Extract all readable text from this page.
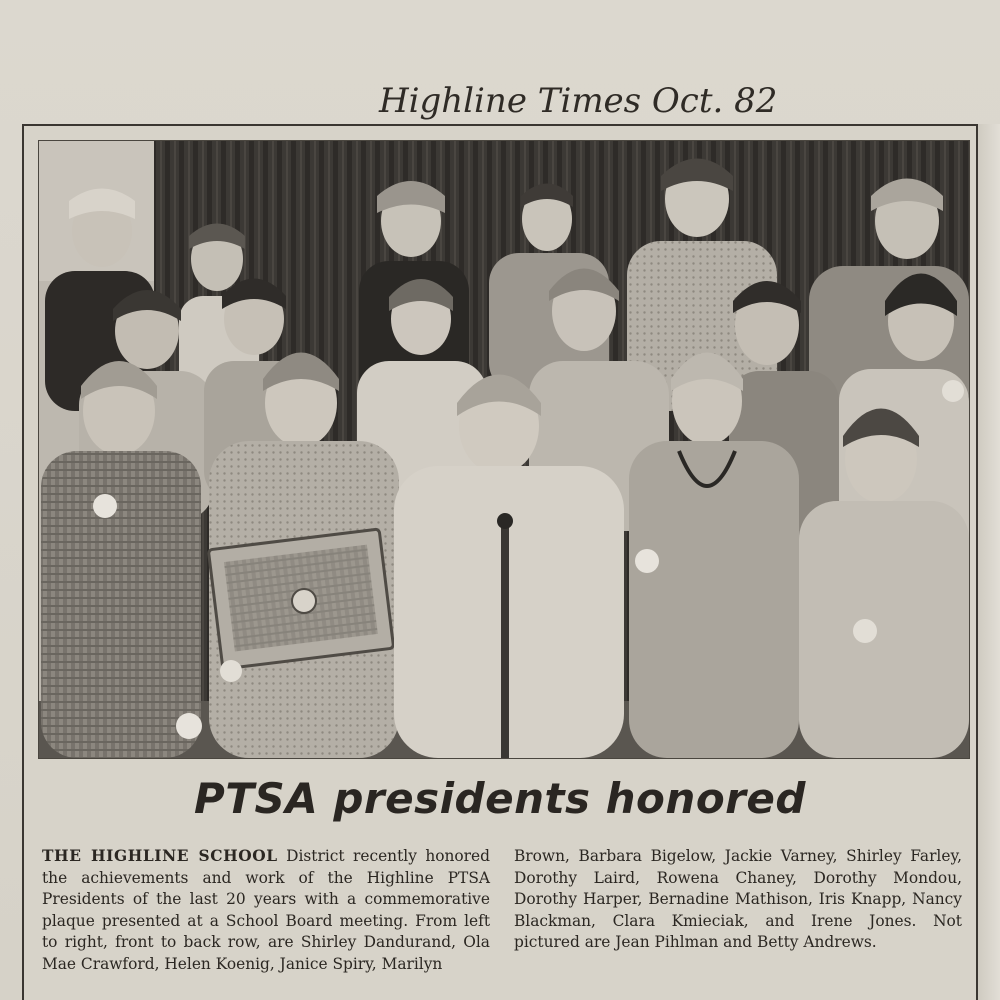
Highline Times Oct. 82
PTSA presidents honored
THE HIGHLINE SCHOOL District recently honored the achievements and work of the Highline PTSA Presidents of the last 20 years with a commemorative plaque presented at a School Board meeting. From left to right, front to back row, are Shirley Dandurand, Ola Mae Crawford, Helen Koenig, Janice Spiry, Marilyn
Brown, Barbara Bigelow, Jackie Varney, Shirley Farley, Dorothy Laird, Rowena Chaney, Dorothy Mondou, Dorothy Harper, Bernadine Mathison, Iris Knapp, Nancy Blackman, Clara Kmieciak, and Irene Jones. Not pictured are Jean Pihlman and Betty Andrews.
